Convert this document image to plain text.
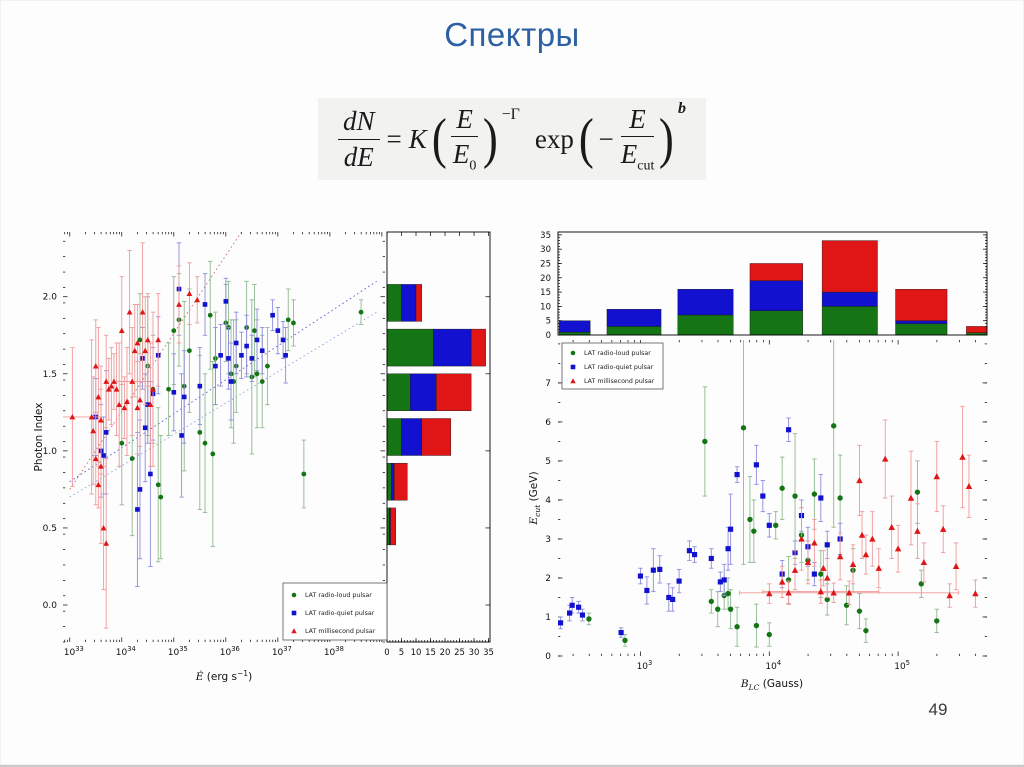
Спектры
$\frac{dN}{dE} = K$ ( $\frac{E}{E_0}$ ) −Γ
exp ( − $\frac{E}{E_{cut}}$ ) b
$10^{33}$	$10^{34}$	$10^{35}$	$10^{36}$	$10^{37}$	$10^{38}$
0.0
0.5
1.0
1.5
2.0
0 5 10 15 20 25 30 35
LAT radio-loud pulsar
LAT radio-quiet pulsar
LAT millisecond pulsar
Ė (erg $s^{-1}$)
Photon Index
$10^3$	$10^4$	$10^5$
0
1
2
3
4
5
6
7
0
5
10
15
20
25
30
35
LAT radio-loud pulsar
LAT radio-quiet pulsar
LAT millisecond pulsar
$B_{LC}$ (Gauss)
$E_{cut}$ (GeV)
49
